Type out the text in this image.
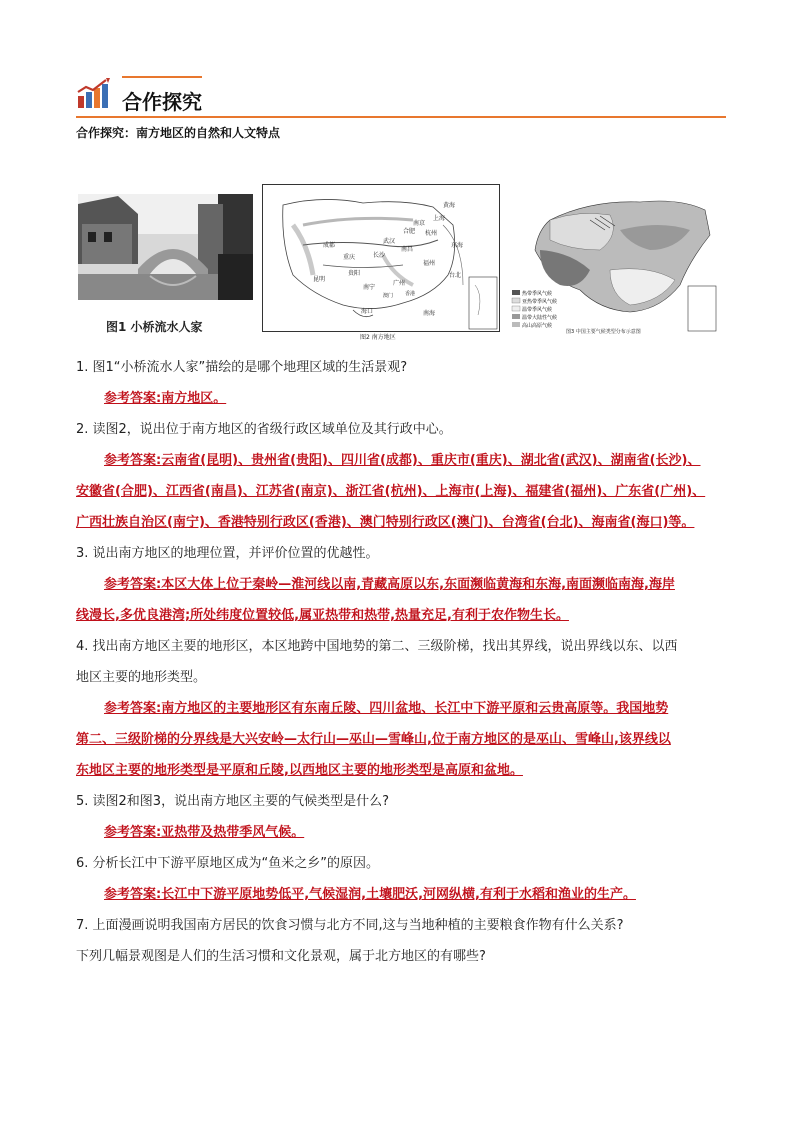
合作探究
合作探究：南方地区的自然和人文特点
图1 小桥流水人家
成都
重庆
昆明
贵阳
长沙
武汉
合肥
南京
上海
杭州
南昌
福州
台北
广州
南宁
海口
香港
澳门
黄海
东海
南海
图2 南方地区
热带季风气候
亚热带季风气候
温带季风气候
温带大陆性气候
高山高原气候
图3 中国主要气候类型分布示意图

1. 图1“小桥流水人家”描绘的是哪个地理区域的生活景观?

参考答案:南方地区。

2. 读图2，说出位于南方地区的省级行政区域单位及其行政中心。

参考答案:云南省(昆明)、贵州省(贵阳)、四川省(成都)、重庆市(重庆)、湖北省(武汉)、湖南省(长沙)、

安徽省(合肥)、江西省(南昌)、江苏省(南京)、浙江省(杭州)、上海市(上海)、福建省(福州)、广东省(广州)、

广西壮族自治区(南宁)、香港特别行政区(香港)、澳门特别行政区(澳门)、台湾省(台北)、海南省(海口)等。

3. 说出南方地区的地理位置，并评价位置的优越性。

参考答案:本区大体上位于秦岭—淮河线以南,青藏高原以东,东面濒临黄海和东海,南面濒临南海,海岸

线漫长,多优良港湾;所处纬度位置较低,属亚热带和热带,热量充足,有利于农作物生长。

4. 找出南方地区主要的地形区，本区地跨中国地势的第二、三级阶梯，找出其界线，说出界线以东、以西

地区主要的地形类型。

参考答案:南方地区的主要地形区有东南丘陵、四川盆地、长江中下游平原和云贵高原等。我国地势

第二、三级阶梯的分界线是大兴安岭—太行山—巫山—雪峰山,位于南方地区的是巫山、雪峰山,该界线以

东地区主要的地形类型是平原和丘陵,以西地区主要的地形类型是高原和盆地。

5. 读图2和图3，说出南方地区主要的气候类型是什么?

参考答案:亚热带及热带季风气候。

6. 分析长江中下游平原地区成为“鱼米之乡”的原因。

参考答案:长江中下游平原地势低平,气候湿润,土壤肥沃,河网纵横,有利于水稻和渔业的生产。

7. 上面漫画说明我国南方居民的饮食习惯与北方不同,这与当地种植的主要粮食作物有什么关系?

下列几幅景观图是人们的生活习惯和文化景观，属于北方地区的有哪些?
